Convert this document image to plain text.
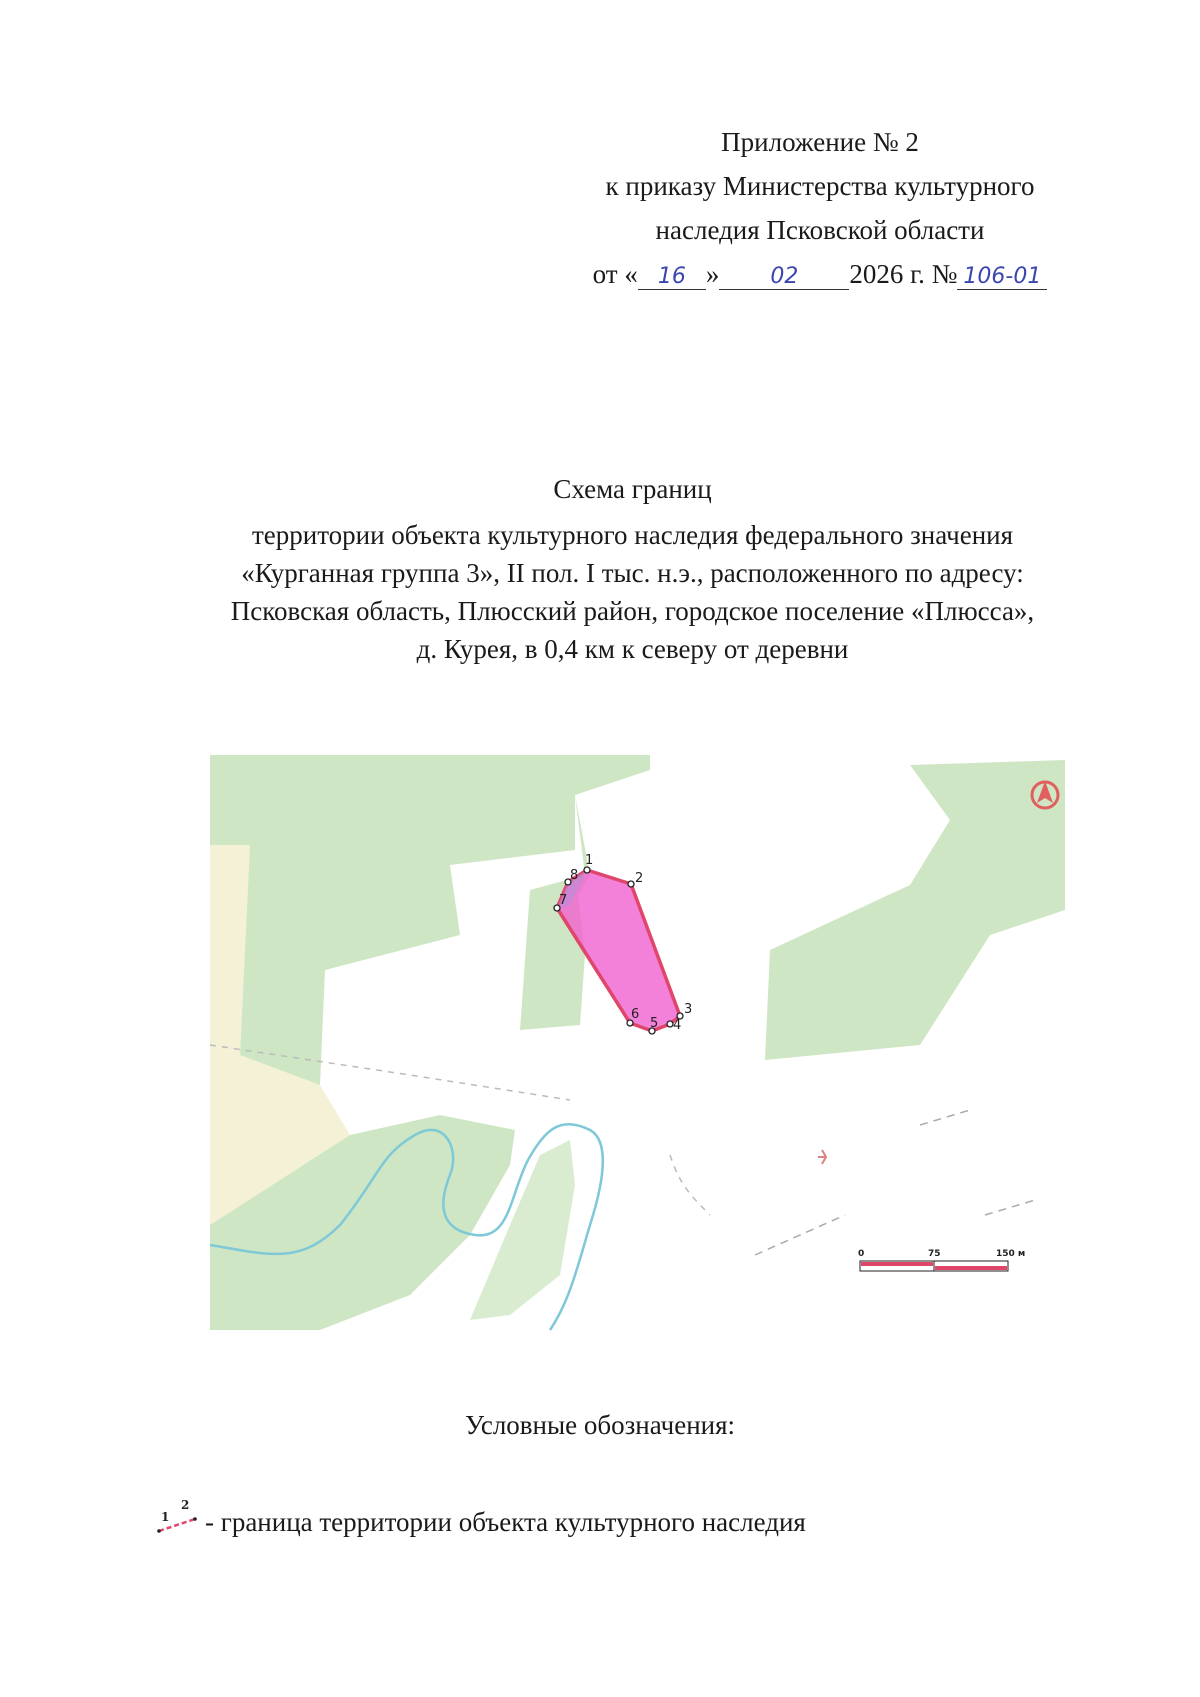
Приложение № 2
к приказу Министерства культурного
наследия Псковской области
от « 16 » 02 2026 г. № 106-01
Схема границ
территории объекта культурного наследия федерального значения
«Курганная группа 3», II пол. I тыс. н.э., расположенного по адресу:
Псковская область, Плюсский район, городское поселение «Плюсса»,
д. Курея, в 0,4 км к северу от деревни
1
2
3
4
5
6
7
8
0	75	150 м
Условные обозначения:
1
2
- граница территории объекта культурного наследия
